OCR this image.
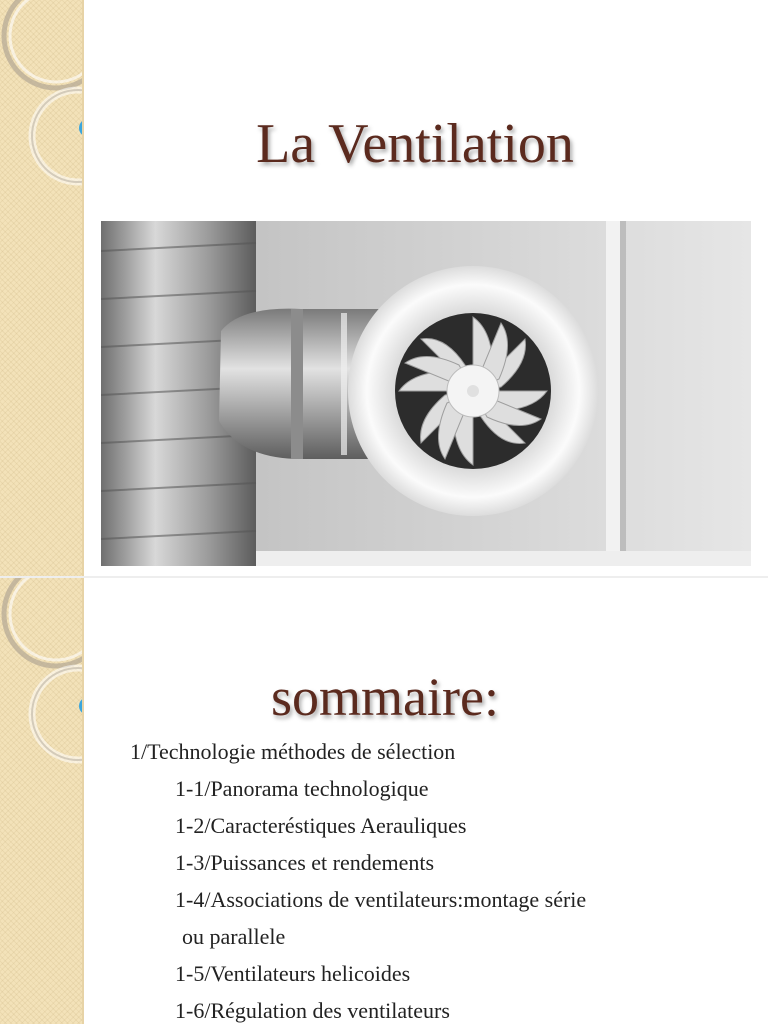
La Ventilation
sommaire:
1/Technologie méthodes de sélection
1-1/Panorama technologique
1-2/Caracteréstiques Aerauliques
1-3/Puissances et rendements
1-4/Associations de ventilateurs:montage série
ou parallele
1-5/Ventilateurs helicoides
1-6/Régulation des ventilateurs
